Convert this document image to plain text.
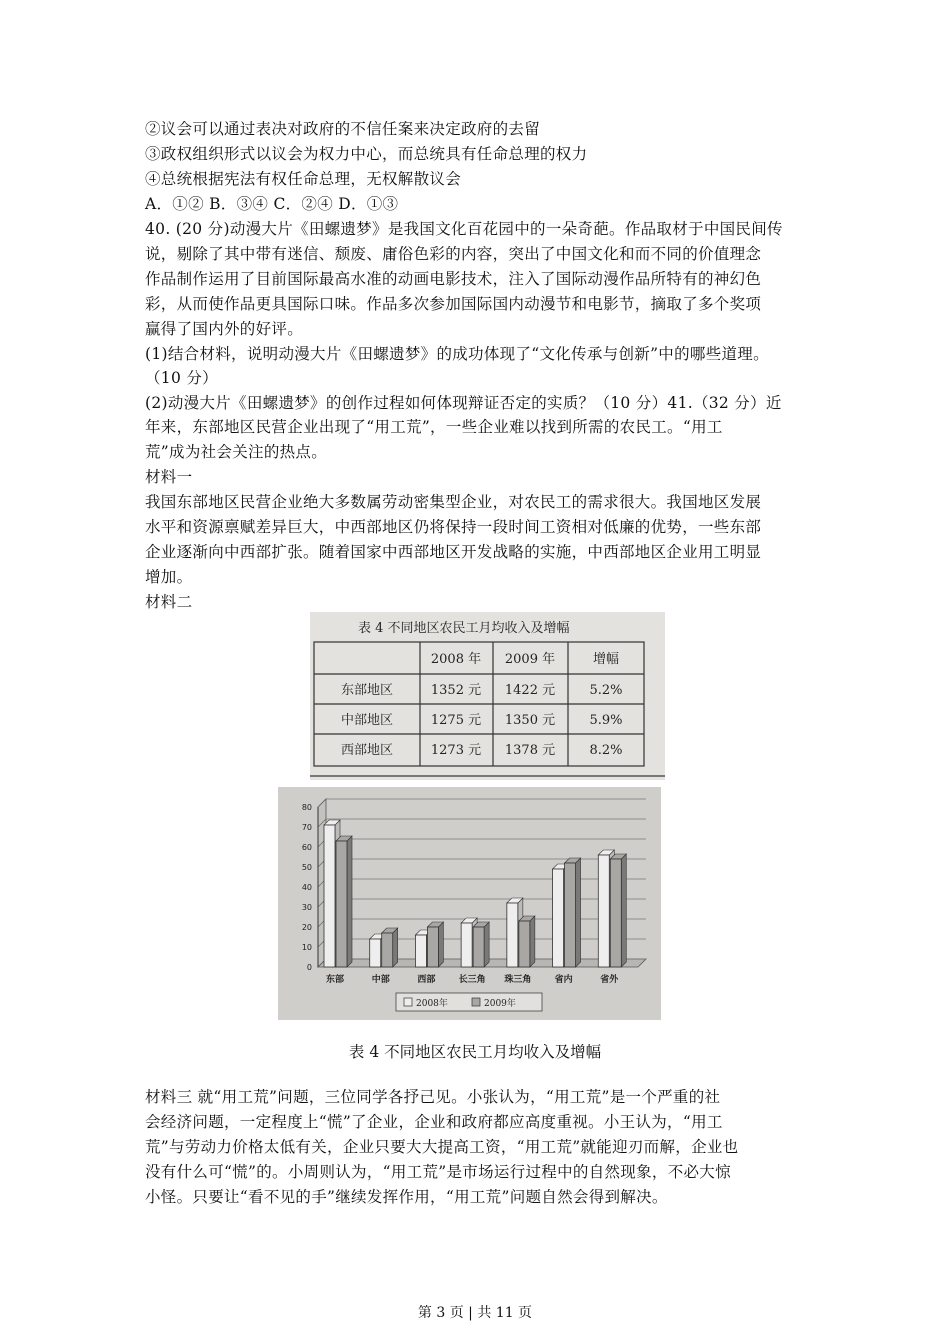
②议会可以通过表决对政府的不信任案来决定政府的去留
③政权组织形式以议会为权力中心，而总统具有任命总理的权力
④总统根据宪法有权任命总理，无权解散议会
A．①② B．③④ C．②④ D．①③
40. (20 分)动漫大片《田螺遗梦》是我国文化百花园中的一朵奇葩。作品取材于中国民间传
说，剔除了其中带有迷信、颓废、庸俗色彩的内容，突出了中国文化和而不同的价值理念
作品制作运用了目前国际最高水准的动画电影技术，注入了国际动漫作品所特有的神幻色
彩，从而使作品更具国际口味。作品多次参加国际国内动漫节和电影节，摘取了多个奖项
赢得了国内外的好评。
(1)结合材料，说明动漫大片《田螺遗梦》的成功体现了“文化传承与创新”中的哪些道理。
（10 分）
(2)动漫大片《田螺遗梦》的创作过程如何体现辩证否定的实质？（10 分）41.（32 分）近
年来，东部地区民营企业出现了“用工荒”，一些企业难以找到所需的农民工。“用工
荒”成为社会关注的热点。
材料一
我国东部地区民营企业绝大多数属劳动密集型企业，对农民工的需求很大。我国地区发展
水平和资源禀赋差异巨大，中西部地区仍将保持一段时间工资相对低廉的优势，一些东部
企业逐渐向中西部扩张。随着国家中西部地区开发战略的实施，中西部地区企业用工明显
增加。
材料二
表 4 不同地区农民工月均收入及增幅
2008 年 2009 年	增幅
东部地区	1352 元 1422 元	5.2%
中部地区	1275 元 1350 元	5.9%
西部地区	1273 元 1378 元	8.2%
0
10
20
30
40
50
60
70
80
东部	中部	西部	长三角 珠三角	省内	省外
2008年	2009年
表 4 不同地区农民工月均收入及增幅
材料三 就“用工荒”问题，三位同学各抒己见。小张认为，“用工荒”是一个严重的社
会经济问题，一定程度上“慌”了企业，企业和政府都应高度重视。小王认为，“用工
荒”与劳动力价格太低有关，企业只要大大提高工资，“用工荒”就能迎刃而解，企业也
没有什么可“慌”的。小周则认为，“用工荒”是市场运行过程中的自然现象，不必大惊
小怪。只要让“看不见的手”继续发挥作用，“用工荒”问题自然会得到解决。
第 3 页 | 共 11 页
